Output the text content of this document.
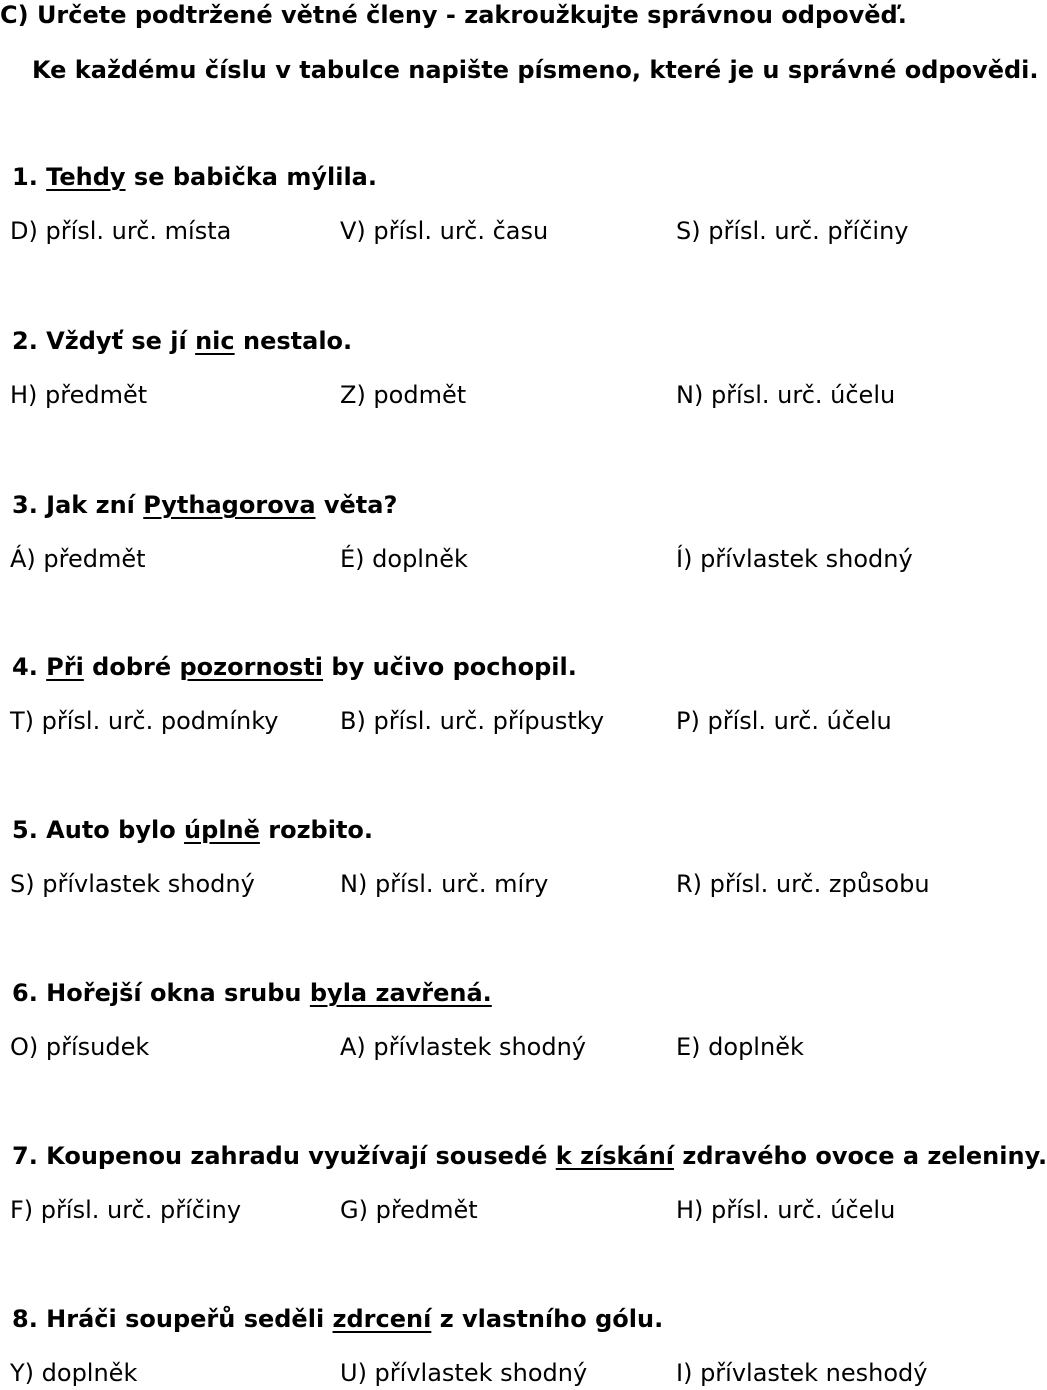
C) Určete podtržené větné členy - zakroužkujte správnou odpověď.
Ke každému číslu v tabulce napište písmeno, které je u správné odpovědi.
1. Tehdy se babička mýlila.
D) přísl. urč. místa	V) přísl. urč. času	S) přísl. urč. příčiny
2. Vždyť se jí nic nestalo.
H) předmět	Z) podmět	N) přísl. urč. účelu
3. Jak zní Pythagorova věta?
Á) předmět	É) doplněk	Í) přívlastek shodný
4. Při dobré pozornosti by učivo pochopil.
T) přísl. urč. podmínky	B) přísl. urč. přípustky	P) přísl. urč. účelu
5. Auto bylo úplně rozbito.
S) přívlastek shodný	N) přísl. urč. míry	R) přísl. urč. způsobu
6. Hořejší okna srubu byla zavřená.
O) přísudek	A) přívlastek shodný	E) doplněk
7. Koupenou zahradu využívají sousedé k získání zdravého ovoce a zeleniny.
F) přísl. urč. příčiny	G) předmět	H) přísl. urč. účelu
8. Hráči soupeřů seděli zdrcení z vlastního gólu.
Y) doplněk	U) přívlastek shodný	I) přívlastek neshodý
